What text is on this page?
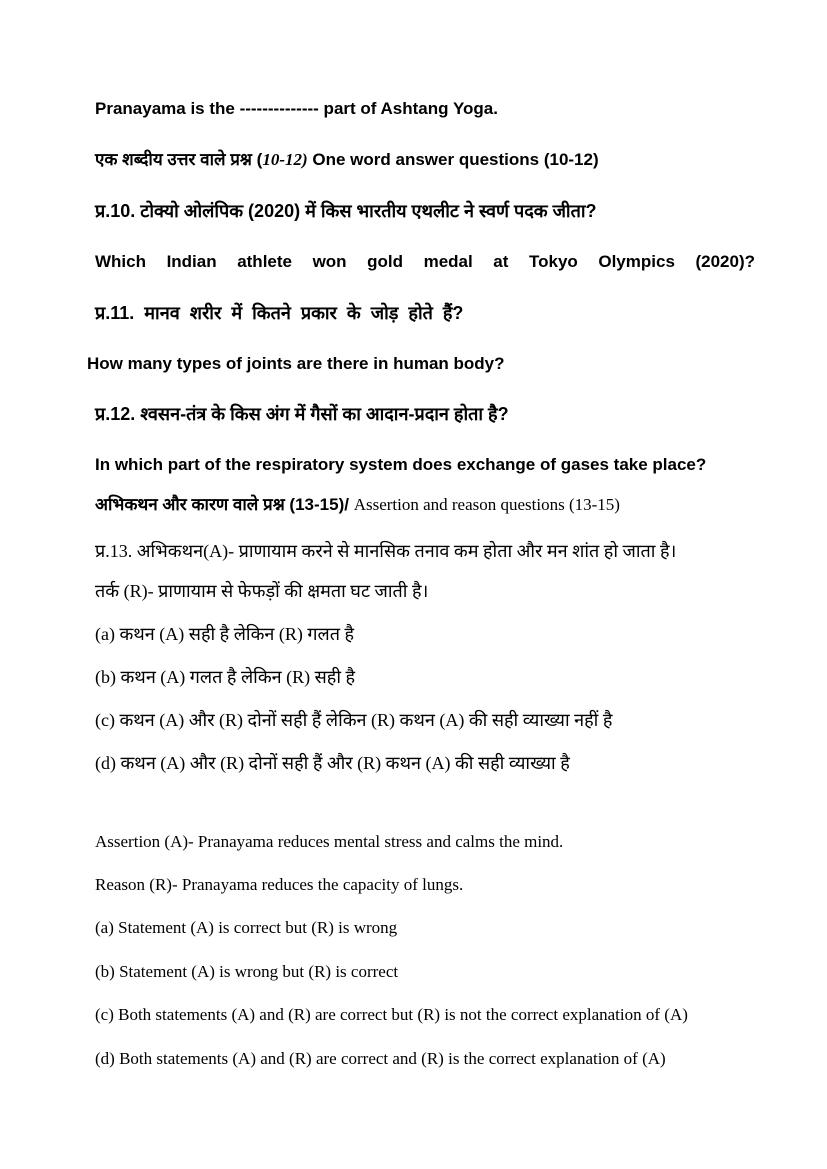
Pranayama is the -------------- part of Ashtang Yoga.

एक शब्दीय उत्तर वाले प्रश्न (10-12) One word answer questions (10-12)

प्र.10. टोक्यो ओलंपिक (2020) में किस भारतीय एथलीट ने स्वर्ण पदक जीता?

Which Indian athlete won gold medal at Tokyo Olympics (2020)?

प्र.11. मानव शरीर में कितने प्रकार के जोड़ होते हैं?

How many types of joints are there in human body?

प्र.12. श्वसन-तंत्र के किस अंग में गैसों का आदान-प्रदान होता है?

In which part of the respiratory system does exchange of gases take place?

अभिकथन और कारण वाले प्रश्न (13-15)/ Assertion and reason questions (13-15)

प्र.13. अभिकथन(A)- प्राणायाम करने से मानसिक तनाव कम होता और मन शांत हो जाता है।

तर्क (R)- प्राणायाम से फेफड़ों की क्षमता घट जाती है।

(a) कथन (A) सही है लेकिन (R) गलत है

(b) कथन (A) गलत है लेकिन (R) सही है

(c) कथन (A) और (R) दोनों सही हैं लेकिन (R) कथन (A) की सही व्याख्या नहीं है

(d) कथन (A) और (R) दोनों सही हैं और (R) कथन (A) की सही व्याख्या है

Assertion (A)- Pranayama reduces mental stress and calms the mind.

Reason (R)- Pranayama reduces the capacity of lungs.

(a) Statement (A) is correct but (R) is wrong

(b) Statement (A) is wrong but (R) is correct

(c) Both statements (A) and (R) are correct but (R) is not the correct explanation of (A)

(d) Both statements (A) and (R) are correct and (R) is the correct explanation of (A)
